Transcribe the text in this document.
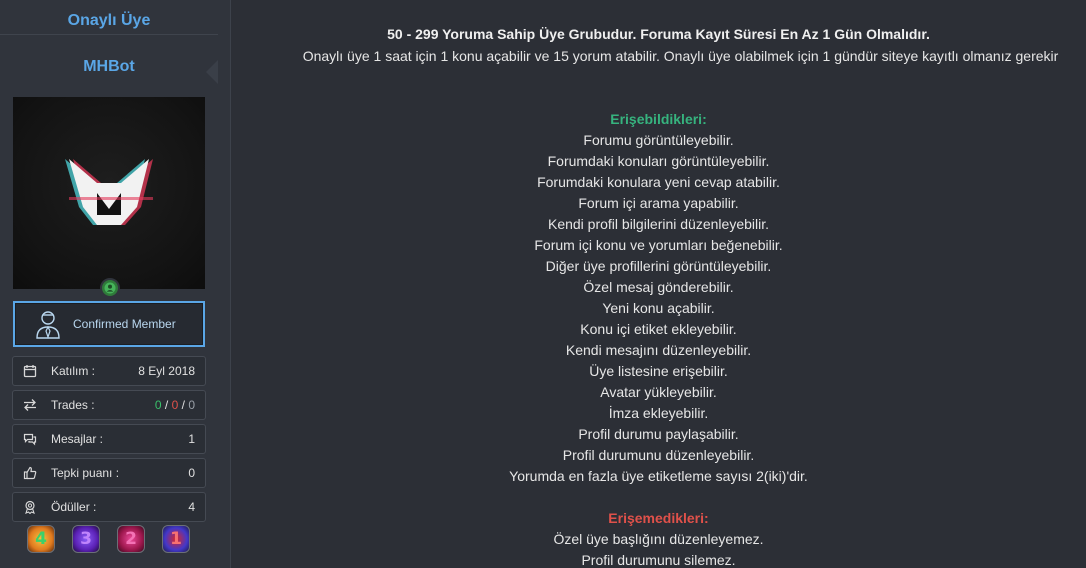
Onaylı Üye
MHBot
Confirmed Member
Katılım :	8 Eyl 2018
Trades :	0 / 0 / 0
Mesajlar :	1
Tepki puanı :	0
Ödüller :	4
4	3	2	1
50 - 299 Yoruma Sahip Üye Grubudur. Foruma Kayıt Süresi En Az 1 Gün Olmalıdır.
Onaylı üye 1 saat için 1 konu açabilir ve 15 yorum atabilir. Onaylı üye olabilmek için 1 gündür siteye kayıtlı olmanız gerekir
Erişebildikleri:
Forumu görüntüleyebilir.
Forumdaki konuları görüntüleyebilir.
Forumdaki konulara yeni cevap atabilir.
Forum içi arama yapabilir.
Kendi profil bilgilerini düzenleyebilir.
Forum içi konu ve yorumları beğenebilir.
Diğer üye profillerini görüntüleyebilir.
Özel mesaj gönderebilir.
Yeni konu açabilir.
Konu içi etiket ekleyebilir.
Kendi mesajını düzenleyebilir.
Üye listesine erişebilir.
Avatar yükleyebilir.
İmza ekleyebilir.
Profil durumu paylaşabilir.
Profil durumunu düzenleyebilir.
Yorumda en fazla üye etiketleme sayısı 2(iki)'dir.
Erişemedikleri:
Özel üye başlığını düzenleyemez.
Profil durumunu silemez.
